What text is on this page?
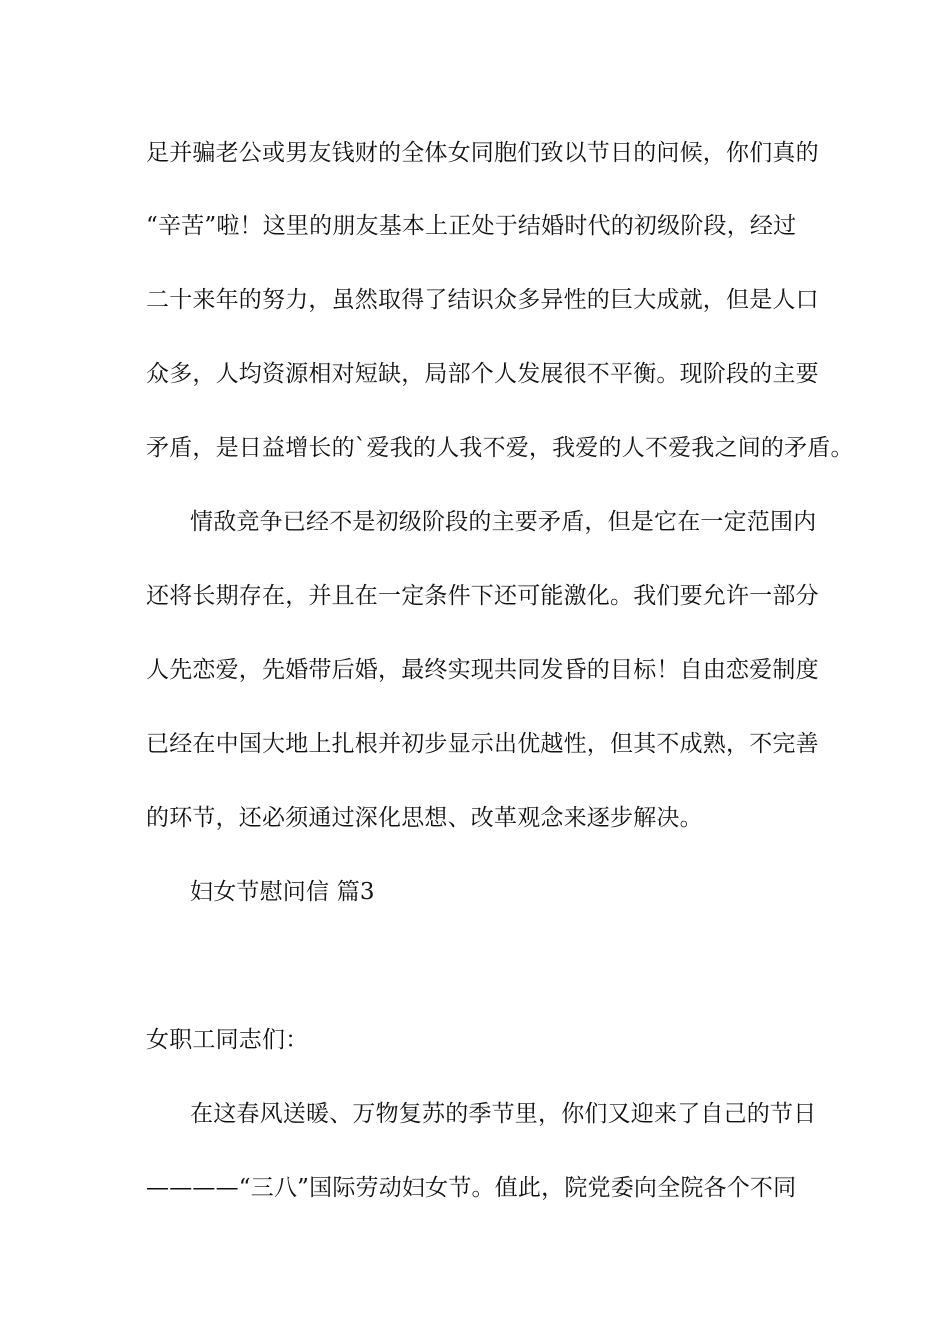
足并骗老公或男友钱财的全体女同胞们致以节日的问候，你们真的
“辛苦”啦！这里的朋友基本上正处于结婚时代的初级阶段，经过
二十来年的努力，虽然取得了结识众多异性的巨大成就，但是人口
众多，人均资源相对短缺，局部个人发展很不平衡。现阶段的主要
矛盾，是日益增长的`爱我的人我不爱，我爱的人不爱我之间的矛盾。
情敌竞争已经不是初级阶段的主要矛盾，但是它在一定范围内
还将长期存在，并且在一定条件下还可能激化。我们要允许一部分
人先恋爱，先婚带后婚，最终实现共同发昏的目标！自由恋爱制度
已经在中国大地上扎根并初步显示出优越性，但其不成熟，不完善
的环节，还必须通过深化思想、改革观念来逐步解决。
妇女节慰问信 篇3
女职工同志们：
在这春风送暖、万物复苏的季节里，你们又迎来了自己的节日
————“三八”国际劳动妇女节。值此，院党委向全院各个不同
